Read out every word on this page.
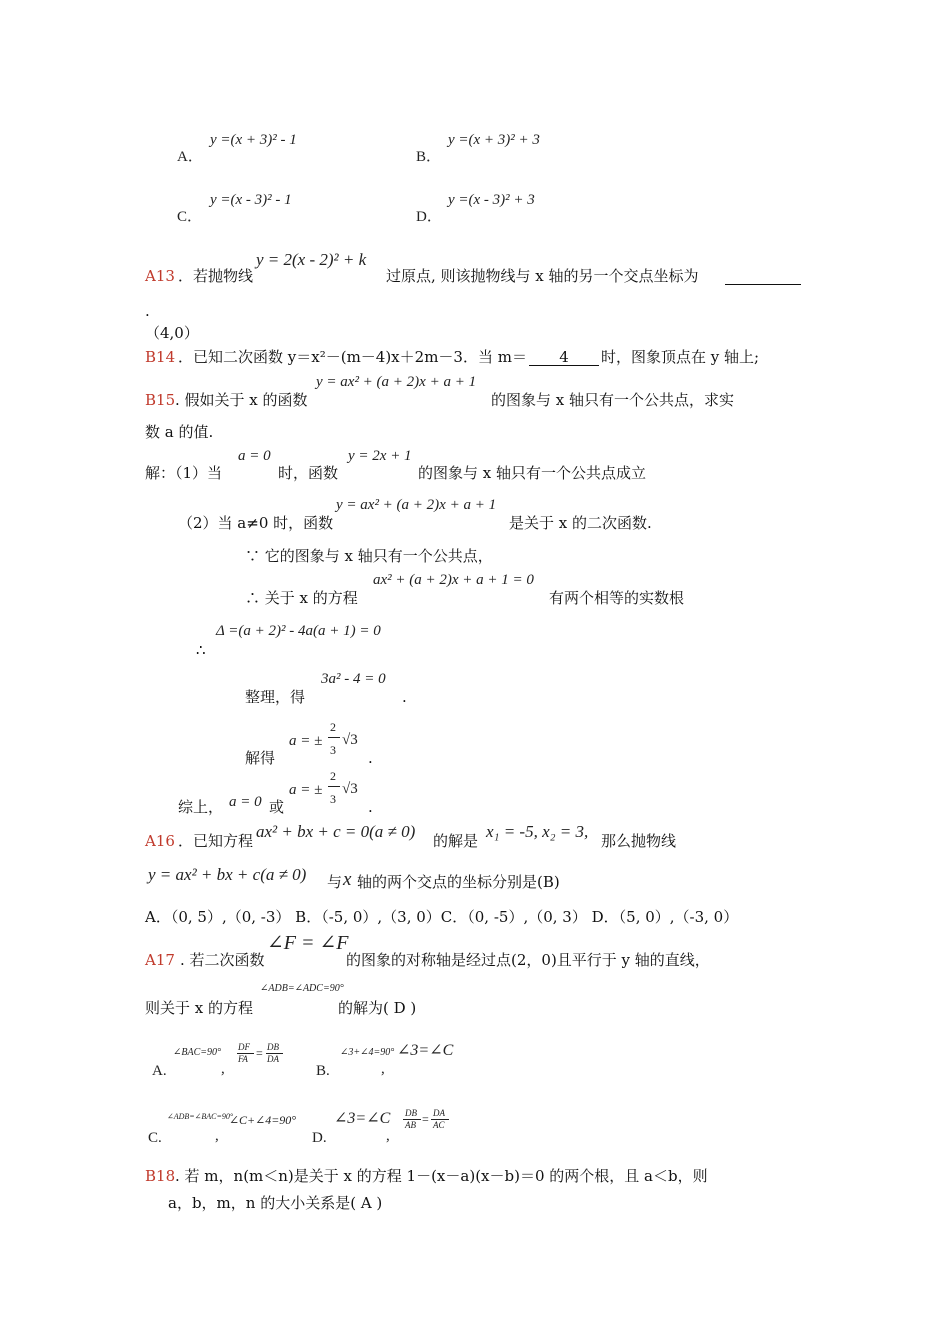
A．
y =(x + 3)² - 1
B．
y =(x + 3)² + 3
C．
y =(x - 3)² - 1
D．
y =(x - 3)² + 3
A13 ．若抛物线
y = 2(x - 2)² + k
过原点, 则该抛物线与 x 轴的另一个交点坐标为
.
（4,0）
B14 ．已知二次函数 y＝x²－(m－4)x＋2m－3．当 m＝	4	时，图象顶点在 y 轴上;
B15 . 假如关于 x 的函数
y = ax² + (a + 2)x + a + 1
的图象与 x 轴只有一个公共点，求实
数 a 的值.
解：（1）当
a = 0
时，函数
y = 2x + 1
的图象与 x 轴只有一个公共点成立
（2）当 a≠0 时，函数
y = ax² + (a + 2)x + a + 1
是关于 x 的二次函数.
∵ 它的图象与 x 轴只有一个公共点，
∴ 关于 x 的方程
ax² + (a + 2)x + a + 1 = 0
有两个相等的实数根
Δ =(a + 2)² - 4a(a + 1) = 0
∴
整理，得
3a² - 4 = 0
.
解得
a = ±
2
3
√3
.
综上， a = 0 或
a = ±
2
3
√3
.
A16 ．已知方程 ax² + bx + c = 0(a ≠ 0) 的解是 x₁ = -5, x₂ = 3, 那么抛物线
y = ax² + bx + c(a ≠ 0) 与 x 轴的两个交点的坐标分别是(B)
A．（0, 5）,（0, -3） B．（-5, 0）,（3, 0）C．（0, -5）,（0, 3） D．（5, 0）,（-3, 0）
A17 . 若二次函数
∠F = ∠F
的图象的对称轴是经过点(2，0)且平行于 y 轴的直线，
则关于 x 的方程
∠ADB=∠ADC=90°
的解为( D )
A.
∠BAC=90°
,
DF
FA = DB
DA
B.
∠3+∠4=90°
,
∠3=∠C
C.
∠ADB=∠BAC=90°
,
∠C+∠4=90°
D.
∠3=∠C
,
DB
AB = DA
AC
B18 . 若 m，n(m＜n)是关于 x 的方程 1－(x－a)(x－b)＝0 的两个根，且 a＜b，则
a，b，m，n 的大小关系是( A )
